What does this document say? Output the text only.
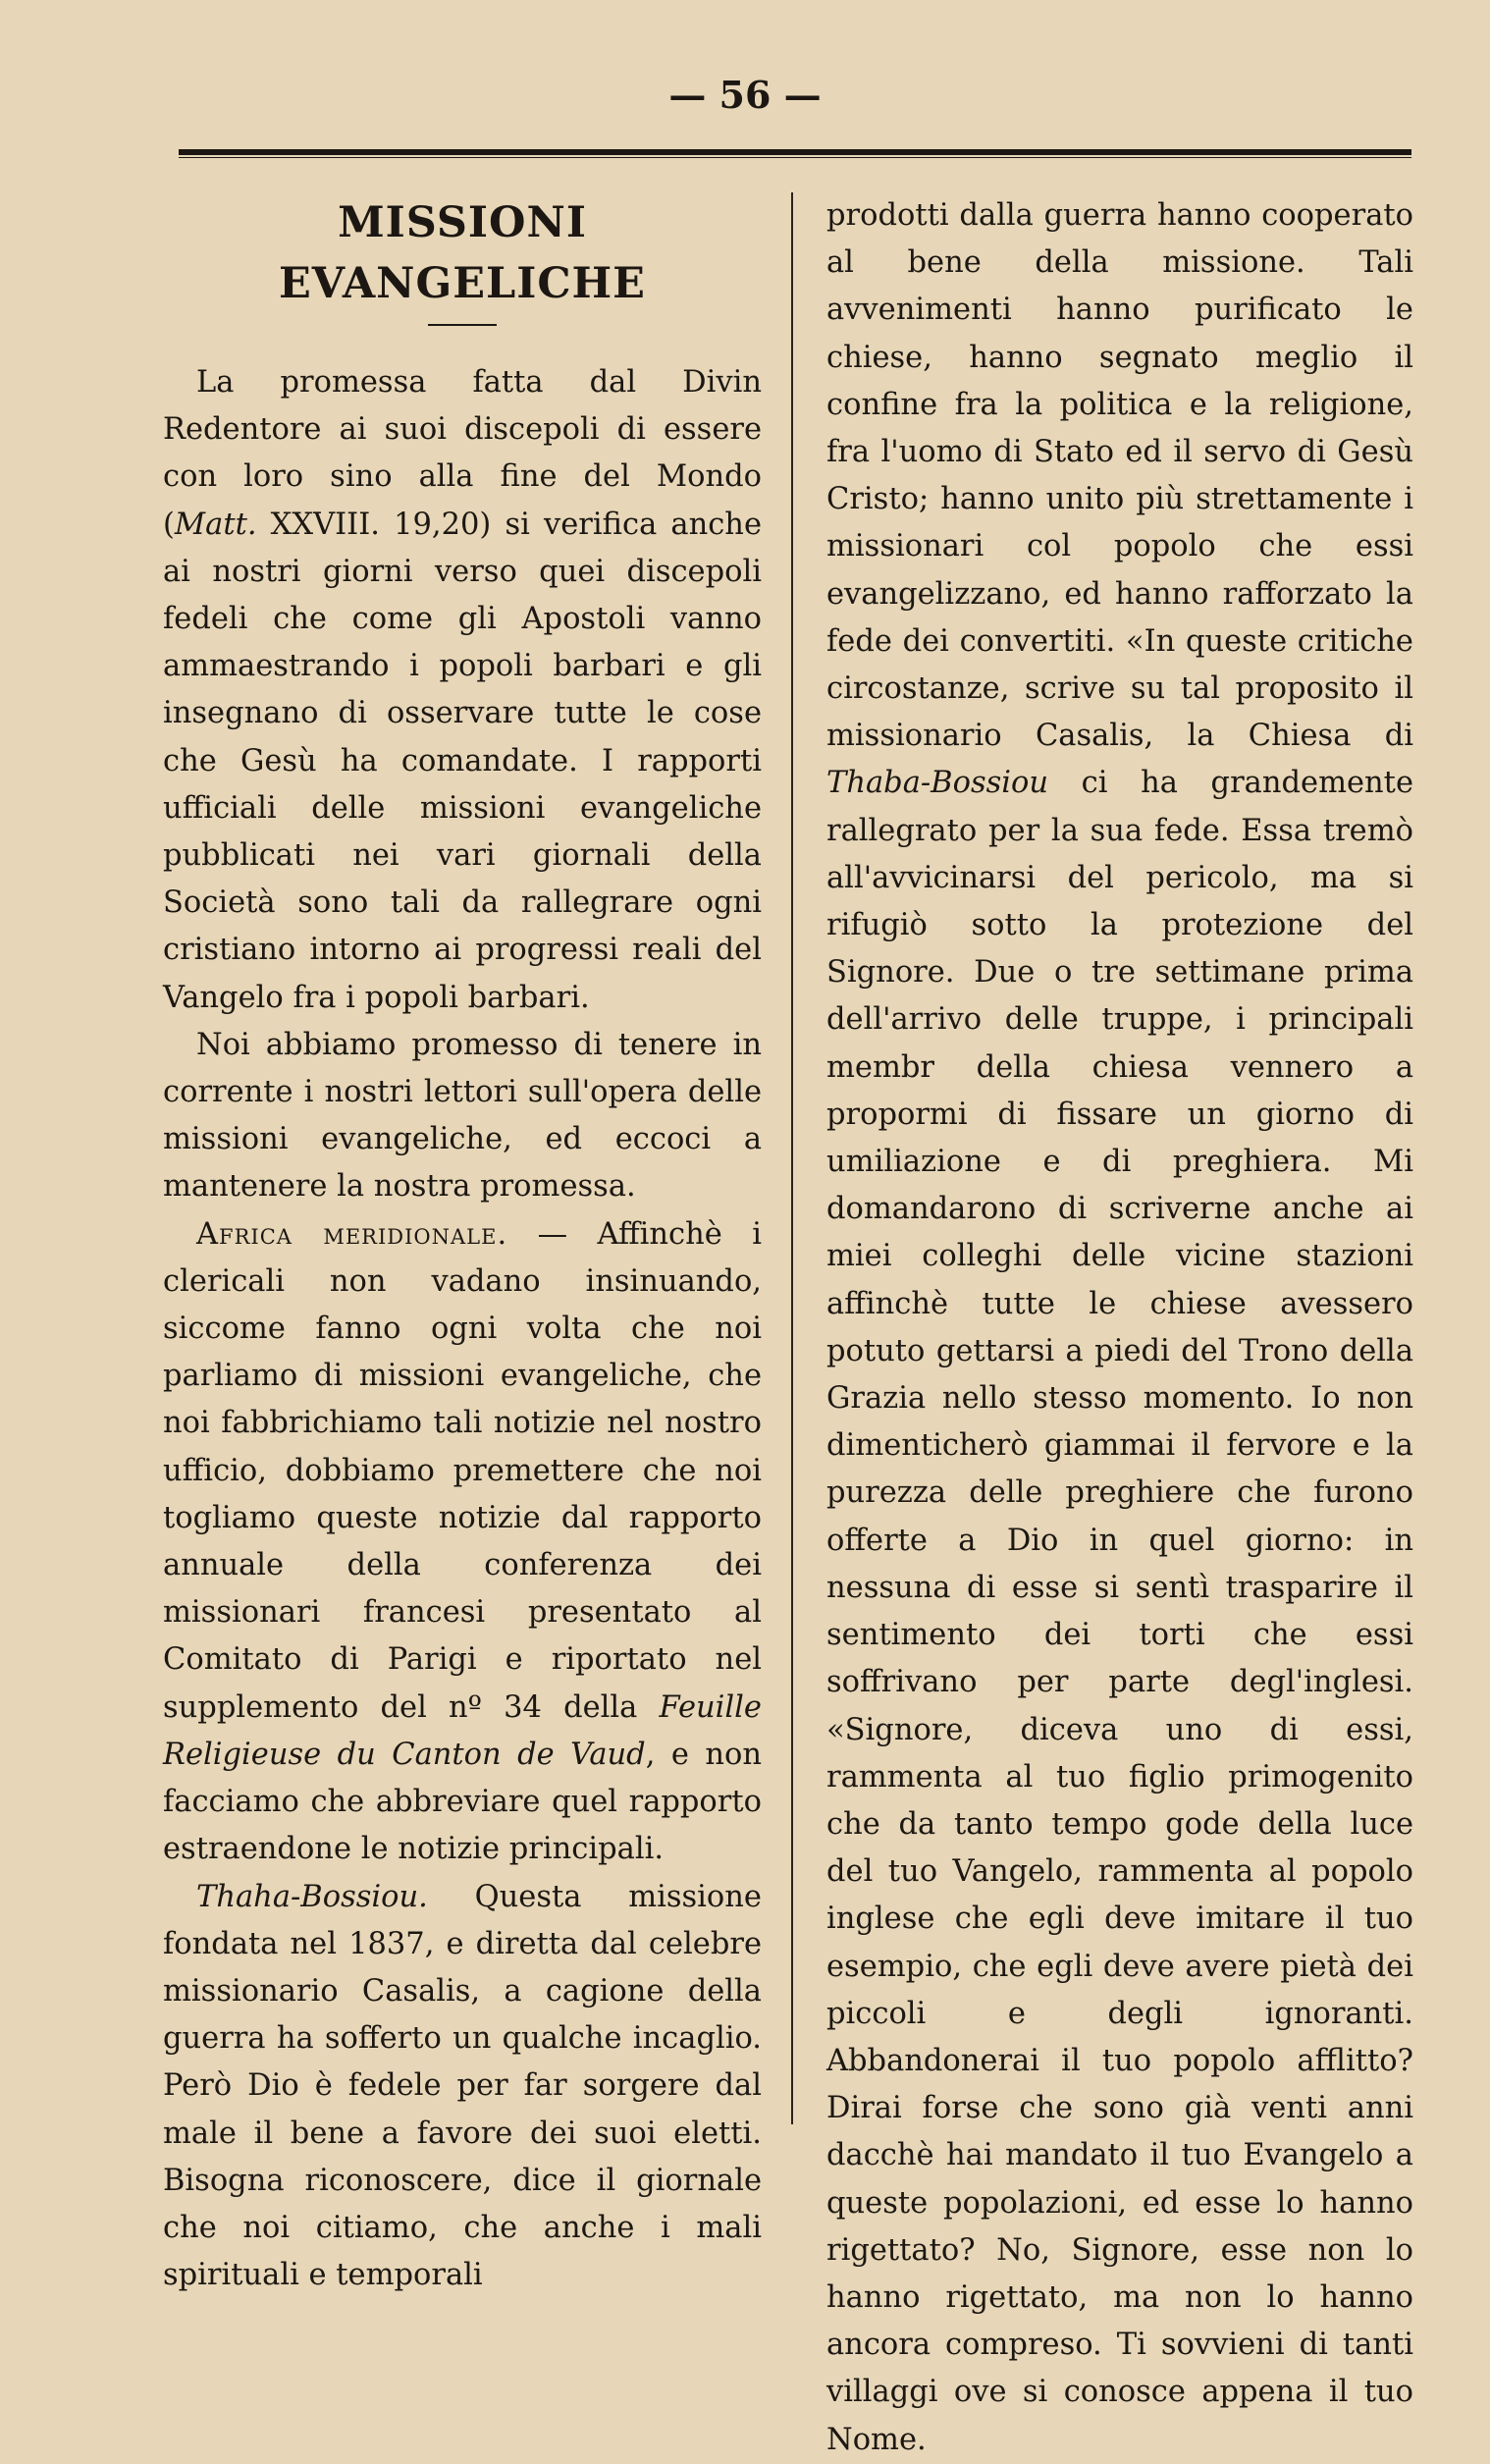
— 56 —
MISSIONI EVANGELICHE

La promessa fatta dal Divin Redentore ai suoi discepoli di essere con loro sino alla fine del Mondo (Matt. XXVIII. 19,20) si verifica anche ai nostri giorni verso quei discepoli fedeli che come gli Apostoli vanno ammaestrando i popoli barbari e gli insegnano di osservare tutte le cose che Gesù ha comandate. I rapporti ufficiali delle missioni evangeliche pubblicati nei vari giornali della Società sono tali da rallegrare ogni cristiano intorno ai progressi reali del Vangelo fra i popoli barbari.

Noi abbiamo promesso di tenere in corrente i nostri lettori sull'opera delle missioni evangeliche, ed eccoci a mantenere la nostra promessa.

Africa meridionale. — Affinchè i clericali non vadano insinuando, siccome fanno ogni volta che noi parliamo di missioni evangeliche, che noi fabbrichiamo tali notizie nel nostro ufficio, dobbiamo premettere che noi togliamo queste notizie dal rapporto annuale della conferenza dei missionari francesi presentato al Comitato di Parigi e riportato nel supplemento del nº 34 della Feuille Religieuse du Canton de Vaud, e non facciamo che abbreviare quel rapporto estraendone le notizie principali.

Thaha-Bossiou. Questa missione fondata nel 1837, e diretta dal celebre missionario Casalis, a cagione della guerra ha sofferto un qualche incaglio. Però Dio è fedele per far sorgere dal male il bene a favore dei suoi eletti. Bisogna riconoscere, dice il giornale che noi citiamo, che anche i mali spirituali e temporali

prodotti dalla guerra hanno cooperato al bene della missione. Tali avvenimenti hanno purificato le chiese, hanno segnato meglio il confine fra la politica e la religione, fra l'uomo di Stato ed il servo di Gesù Cristo; hanno unito più strettamente i missionari col popolo che essi evangelizzano, ed hanno rafforzato la fede dei convertiti. «In queste critiche circostanze, scrive su tal proposito il missionario Casalis, la Chiesa di Thaba-Bossiou ci ha grandemente rallegrato per la sua fede. Essa tremò all'avvicinarsi del pericolo, ma si rifugiò sotto la protezione del Signore. Due o tre settimane prima dell'arrivo delle truppe, i principali membr della chiesa vennero a propormi di fissare un giorno di umiliazione e di preghiera. Mi domandarono di scriverne anche ai miei colleghi delle vicine stazioni affinchè tutte le chiese avessero potuto gettarsi a piedi del Trono della Grazia nello stesso momento. Io non dimenticherò giammai il fervore e la purezza delle preghiere che furono offerte a Dio in quel giorno: in nessuna di esse si sentì trasparire il sentimento dei torti che essi soffrivano per parte degl'inglesi. «Signore, diceva uno di essi, rammenta al tuo figlio primogenito che da tanto tempo gode della luce del tuo Vangelo, rammenta al popolo inglese che egli deve imitare il tuo esempio, che egli deve avere pietà dei piccoli e degli ignoranti. Abbandonerai il tuo popolo afflitto? Dirai forse che sono già venti anni dacchè hai mandato il tuo Evangelo a queste popolazioni, ed esse lo hanno rigettato? No, Signore, esse non lo hanno rigettato, ma non lo hanno ancora compreso. Ti sovvieni di tanti villaggi ove si conosce appena il tuo Nome.
